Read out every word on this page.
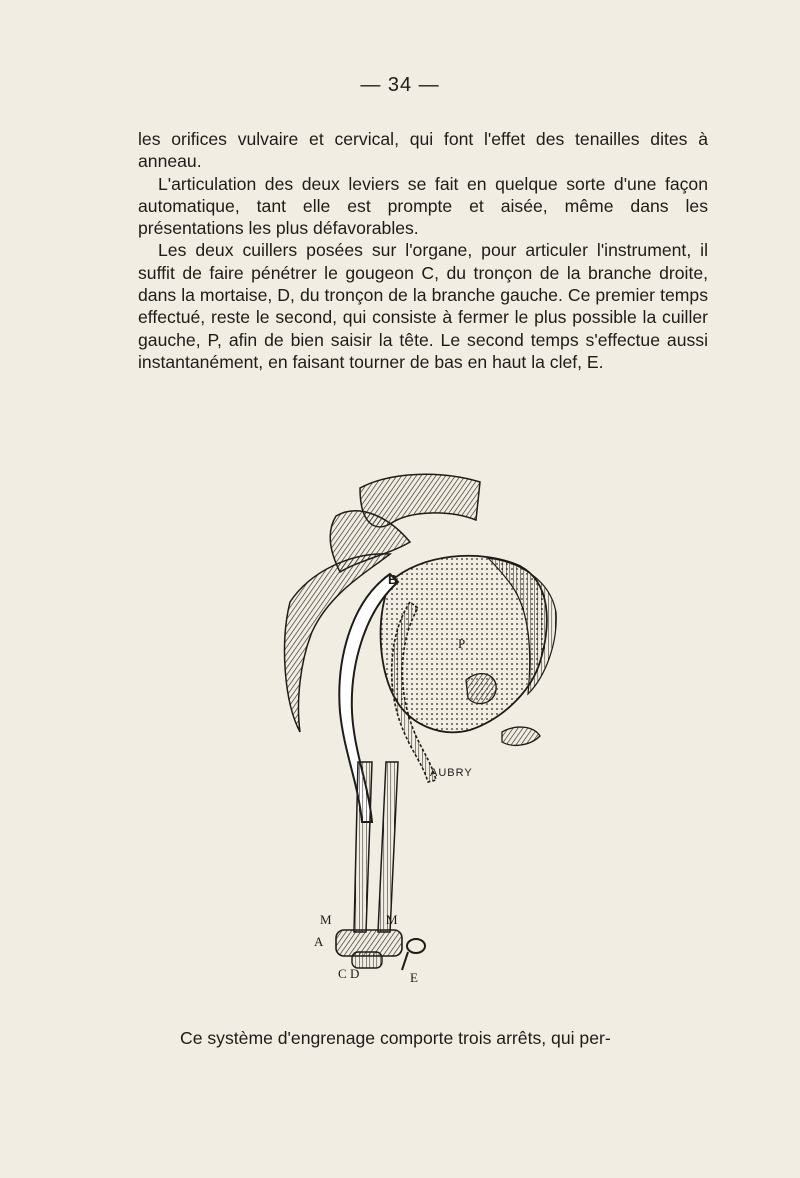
— 34 —

les orifices vulvaire et cervical, qui font l'effet des tenailles dites à anneau.

L'articulation des deux leviers se fait en quelque sorte d'une façon automatique, tant elle est prompte et aisée, même dans les présentations les plus défavorables.

Les deux cuillers posées sur l'organe, pour articuler l'instrument, il suffit de faire pénétrer le gougeon C, du tronçon de la branche droite, dans la mortaise, D, du tronçon de la branche gauche. Ce premier temps effectué, reste le second, qui consiste à fermer le plus possible la cuiller gauche, P, afin de bien saisir la tête. Le second temps s'effectue aussi instantanément, en faisant tourner de bas en haut la clef, E.

B
P
M	M
A
C D	E
AUBRY
Ce système d'engrenage comporte trois arrêts, qui per-
